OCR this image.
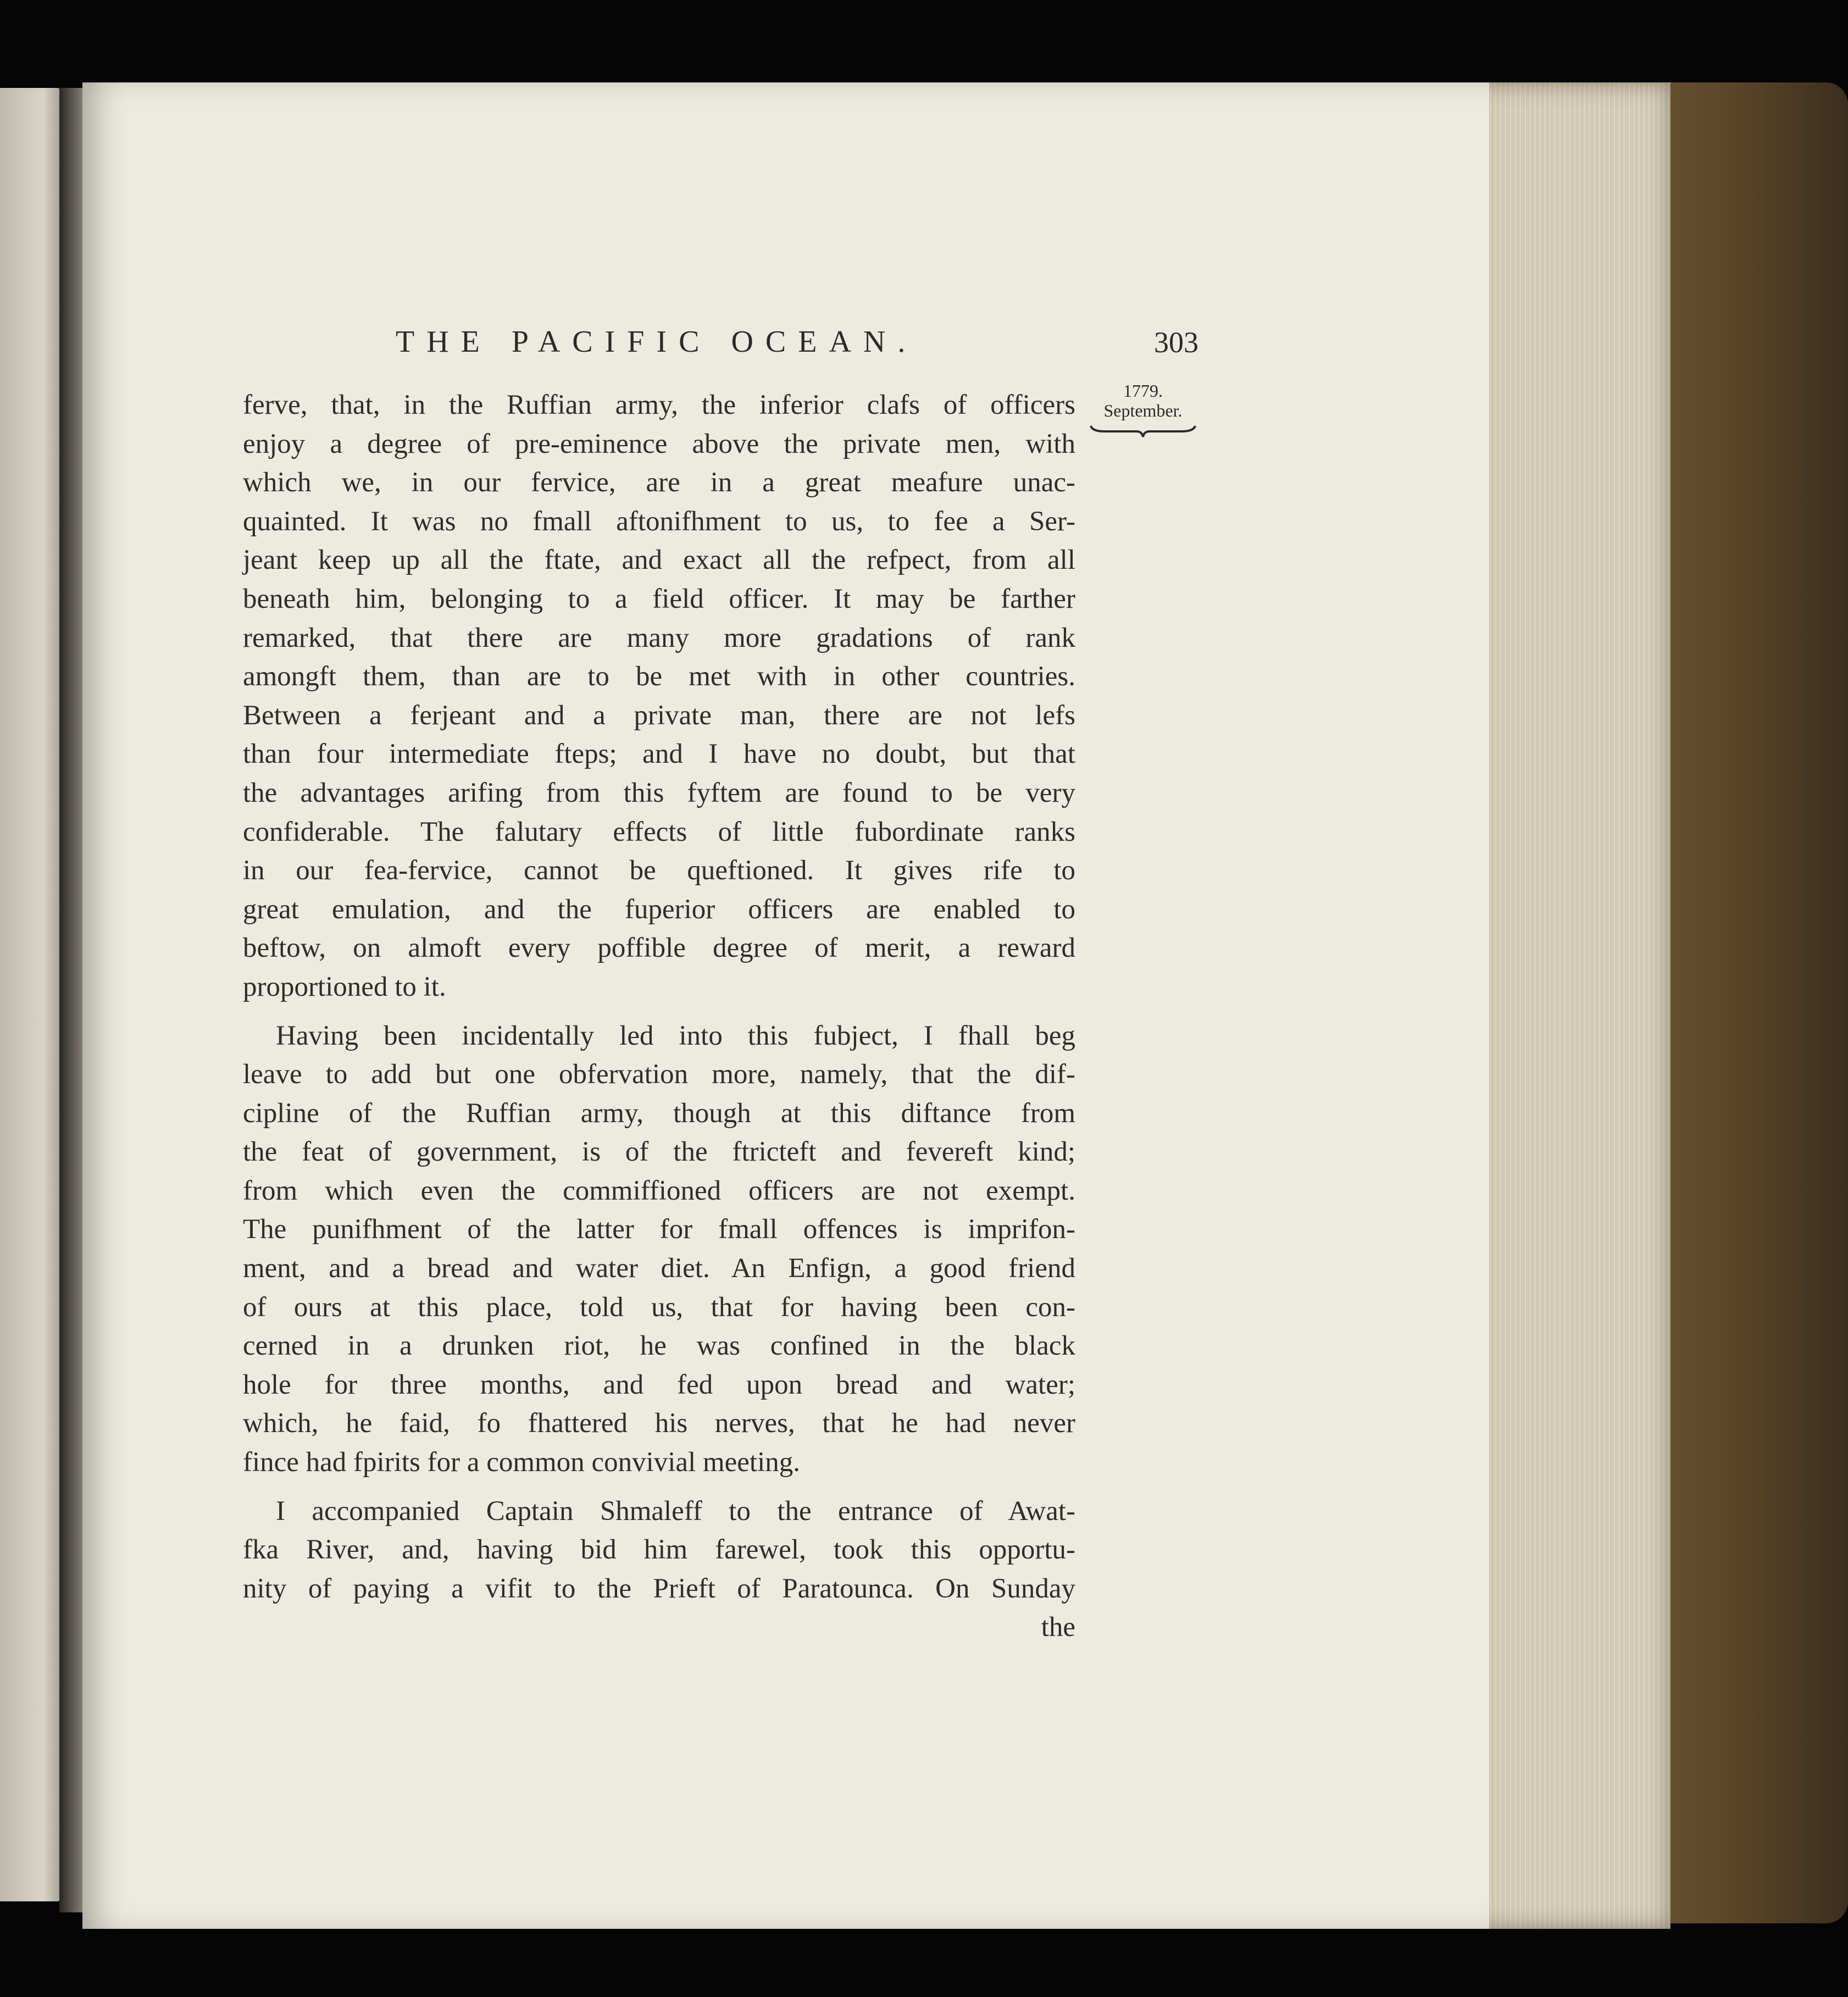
THE PACIFIC OCEAN.	303
1779.
September.

ferve, that, in the Ruffian army, the inferior clafs of officers
enjoy a degree of pre-eminence above the private men, with
which we, in our fervice, are in a great meafure unac-
quainted. It was no fmall aftonifhment to us, to fee a Ser-
jeant keep up all the ftate, and exact all the refpect, from all
beneath him, belonging to a field officer. It may be farther
remarked, that there are many more gradations of rank
amongft them, than are to be met with in other countries.
Between a ferjeant and a private man, there are not lefs
than four intermediate fteps; and I have no doubt, but that
the advantages arifing from this fyftem are found to be very
confiderable. The falutary effects of little fubordinate ranks
in our fea-fervice, cannot be queftioned. It gives rife to
great emulation, and the fuperior officers are enabled to
beftow, on almoft every poffible degree of merit, a reward
proportioned to it.

Having been incidentally led into this fubject, I fhall beg
leave to add but one obfervation more, namely, that the dif-
cipline of the Ruffian army, though at this diftance from
the feat of government, is of the ftricteft and fevereft kind;
from which even the commiffioned officers are not exempt.
The punifhment of the latter for fmall offences is imprifon-
ment, and a bread and water diet. An Enfign, a good friend
of ours at this place, told us, that for having been con-
cerned in a drunken riot, he was confined in the black
hole for three months, and fed upon bread and water;
which, he faid, fo fhattered his nerves, that he had never
fince had fpirits for a common convivial meeting.

I accompanied Captain Shmaleff to the entrance of Awat-
fka River, and, having bid him farewel, took this opportu-
nity of paying a vifit to the Prieft of Paratounca. On Sunday
the
